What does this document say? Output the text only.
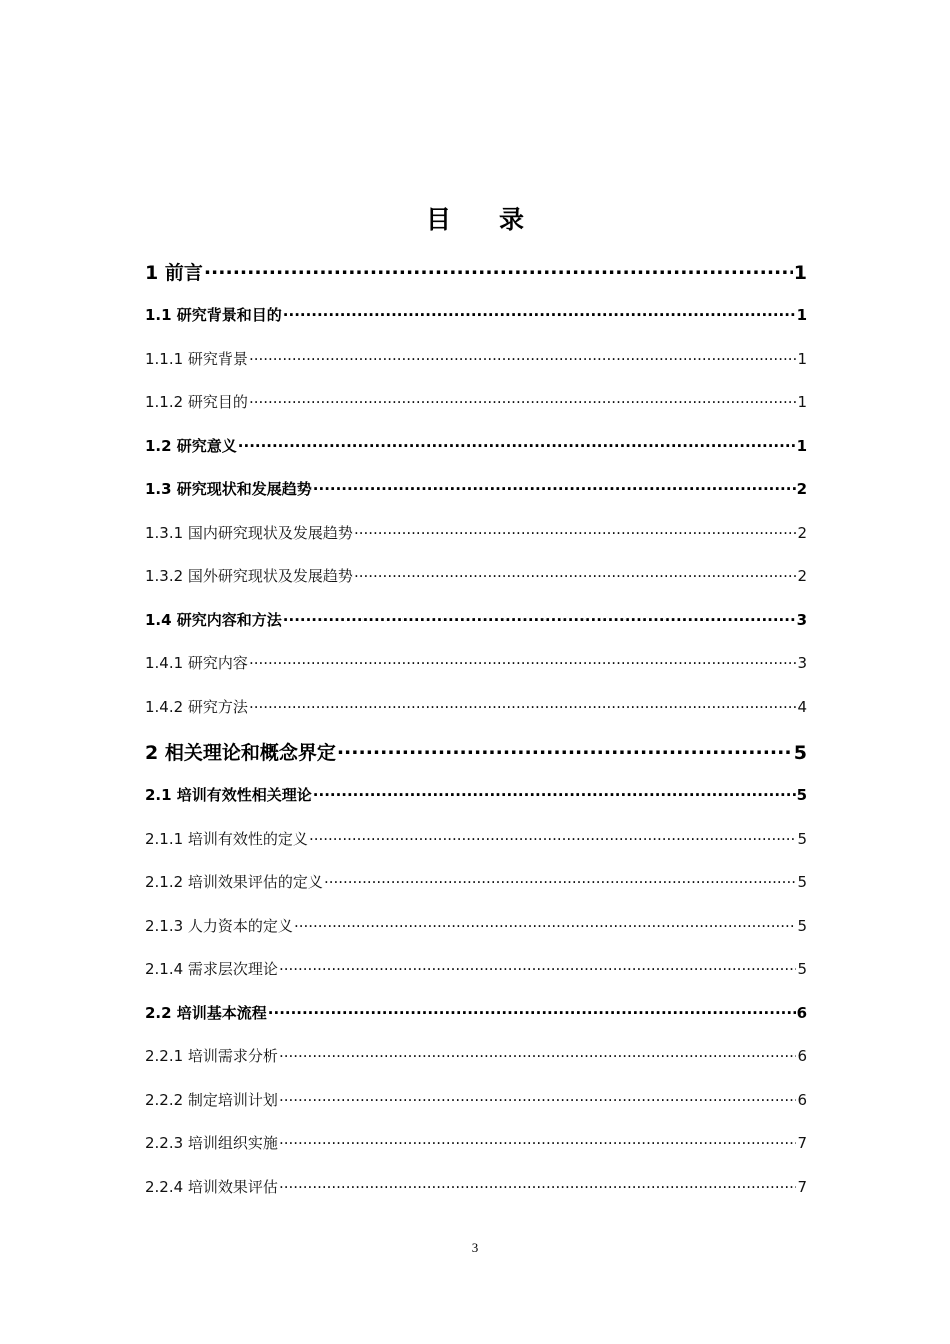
目 录
1 前言 .....	1
1.1 研究背景和目的 .....	1
1.1.1 研究背景 .....	1
1.1.2 研究目的 .....	1
1.2 研究意义 .....	1
1.3 研究现状和发展趋势 .....	2
1.3.1 国内研究现状及发展趋势 .....	2
1.3.2 国外研究现状及发展趋势 .....	2
1.4 研究内容和方法 .....	3
1.4.1 研究内容 .....	3
1.4.2 研究方法 .....	4
2 相关理论和概念界定 .....	5
2.1 培训有效性相关理论 .....	5
2.1.1 培训有效性的定义 .....	5
2.1.2 培训效果评估的定义 .....	5
2.1.3 人力资本的定义 .....	5
2.1.4 需求层次理论 .....	5
2.2 培训基本流程 .....	6
2.2.1 培训需求分析 .....	6
2.2.2 制定培训计划 .....	6
2.2.3 培训组织实施 .....	7
2.2.4 培训效果评估 .....	7
3
